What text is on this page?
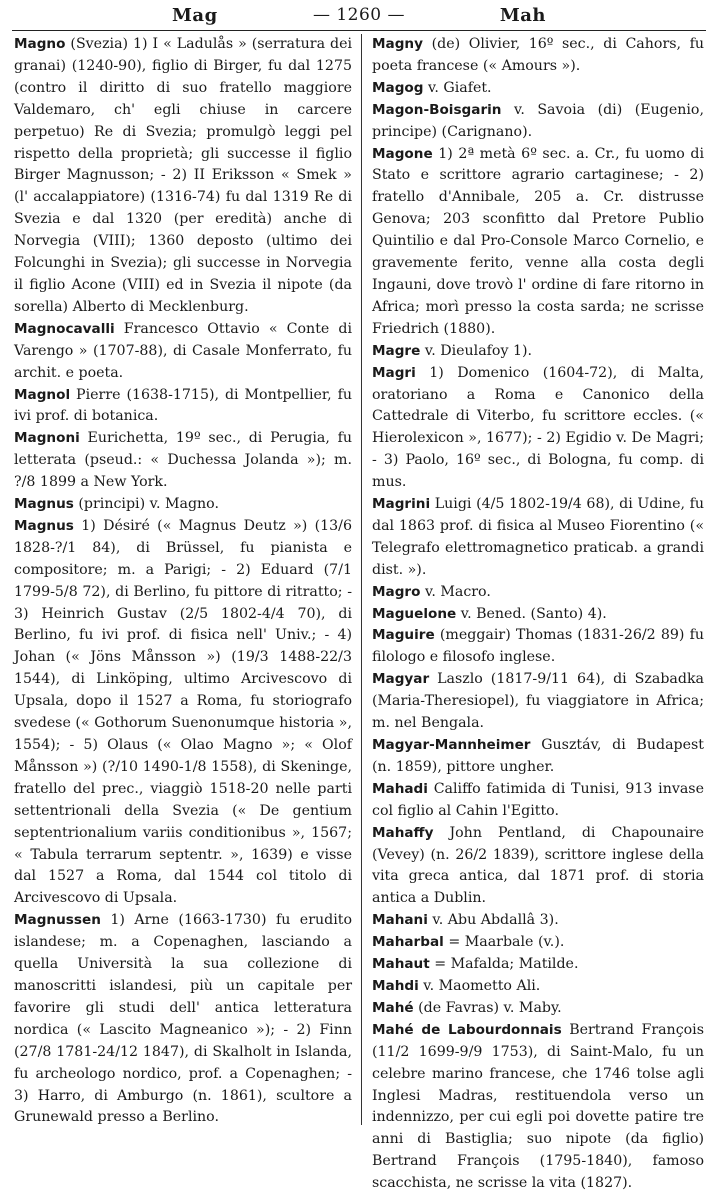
Mag	— 1260 —	Mah

Magno (Svezia) 1) I « Ladulås » (serratura dei granai) (1240-90), figlio di Birger, fu dal 1275 (contro il diritto di suo fratello maggiore Valdemaro, ch' egli chiuse in carcere perpetuo) Re di Svezia; promulgò leggi pel rispetto della proprietà; gli successe il figlio Birger Magnusson; - 2) II Eriksson « Smek » (l' accalappiatore) (1316-74) fu dal 1319 Re di Svezia e dal 1320 (per eredità) anche di Norvegia (VIII); 1360 deposto (ultimo dei Folcunghi in Svezia); gli successe in Norvegia il figlio Acone (VIII) ed in Svezia il nipote (da sorella) Alberto di Mecklenburg.

Magnocavalli Francesco Ottavio « Conte di Varengo » (1707-88), di Casale Monferrato, fu archit. e poeta.

Magnol Pierre (1638-1715), di Montpellier, fu ivi prof. di botanica.

Magnoni Eurichetta, 19º sec., di Perugia, fu letterata (pseud.: « Duchessa Jolanda »); m. ?/8 1899 a New York.

Magnus (principi) v. Magno.

Magnus 1) Désiré (« Magnus Deutz ») (13/6 1828-?/1 84), di Brüssel, fu pianista e compositore; m. a Parigi; - 2) Eduard (7/1 1799-5/8 72), di Berlino, fu pittore di ritratto; - 3) Heinrich Gustav (2/5 1802-4/4 70), di Berlino, fu ivi prof. di fisica nell' Univ.; - 4) Johan (« Jöns Månsson ») (19/3 1488-22/3 1544), di Linköping, ultimo Arcivescovo di Upsala, dopo il 1527 a Roma, fu storiografo svedese (« Gothorum Suenonumque historia », 1554); - 5) Olaus (« Olao Magno »; « Olof Månsson ») (?/10 1490-1/8 1558), di Skeninge, fratello del prec., viaggiò 1518-20 nelle parti settentrionali della Svezia (« De gentium septentrionalium variis conditionibus », 1567; « Tabula terrarum septentr. », 1639) e visse dal 1527 a Roma, dal 1544 col titolo di Arcivescovo di Upsala.

Magnussen 1) Arne (1663-1730) fu erudito islandese; m. a Copenaghen, lasciando a quella Università la sua collezione di manoscritti islandesi, più un capitale per favorire gli studi dell' antica letteratura nordica (« Lascito Magneanico »); - 2) Finn (27/8 1781-24/12 1847), di Skalholt in Islanda, fu archeologo nordico, prof. a Copenaghen; - 3) Harro, di Amburgo (n. 1861), scultore a Grunewald presso a Berlino.

Magny (de) Olivier, 16º sec., di Cahors, fu poeta francese (« Amours »).

Magog v. Giafet.

Magon-Boisgarin v. Savoia (di) (Eugenio, principe) (Carignano).

Magone 1) 2ª metà 6º sec. a. Cr., fu uomo di Stato e scrittore agrario cartaginese; - 2) fratello d'Annibale, 205 a. Cr. distrusse Genova; 203 sconfitto dal Pretore Publio Quintilio e dal Pro-Console Marco Cornelio, e gravemente ferito, venne alla costa degli Ingauni, dove trovò l' ordine di fare ritorno in Africa; morì presso la costa sarda; ne scrisse Friedrich (1880).

Magre v. Dieulafoy 1).

Magri 1) Domenico (1604-72), di Malta, oratoriano a Roma e Canonico della Cattedrale di Viterbo, fu scrittore eccles. (« Hierolexicon », 1677); - 2) Egidio v. De Magri; - 3) Paolo, 16º sec., di Bologna, fu comp. di mus.

Magrini Luigi (4/5 1802-19/4 68), di Udine, fu dal 1863 prof. di fisica al Museo Fiorentino (« Telegrafo elettromagnetico praticab. a grandi dist. »).

Magro v. Macro.

Maguelone v. Bened. (Santo) 4).

Maguire (meggair) Thomas (1831-26/2 89) fu filologo e filosofo inglese.

Magyar Laszlo (1817-9/11 64), di Szabadka (Maria-Theresiopel), fu viaggiatore in Africa; m. nel Bengala.

Magyar-Mannheimer Gusztáv, di Budapest (n. 1859), pittore ungher.

Mahadi Califfo fatimida di Tunisi, 913 invase col figlio al Cahin l'Egitto.

Mahaffy John Pentland, di Chapounaire (Vevey) (n. 26/2 1839), scrittore inglese della vita greca antica, dal 1871 prof. di storia antica a Dublin.

Mahani v. Abu Abdallâ 3).

Maharbal = Maarbale (v.).

Mahaut = Mafalda; Matilde.

Mahdi v. Maometto Ali.

Mahé (de Favras) v. Maby.

Mahé de Labourdonnais Bertrand François (11/2 1699-9/9 1753), di Saint-Malo, fu un celebre marino francese, che 1746 tolse agli Inglesi Madras, restituendola verso un indennizzo, per cui egli poi dovette patire tre anni di Bastiglia; suo nipote (da figlio) Bertrand François (1795-1840), famoso scacchista, ne scrisse la vita (1827).
